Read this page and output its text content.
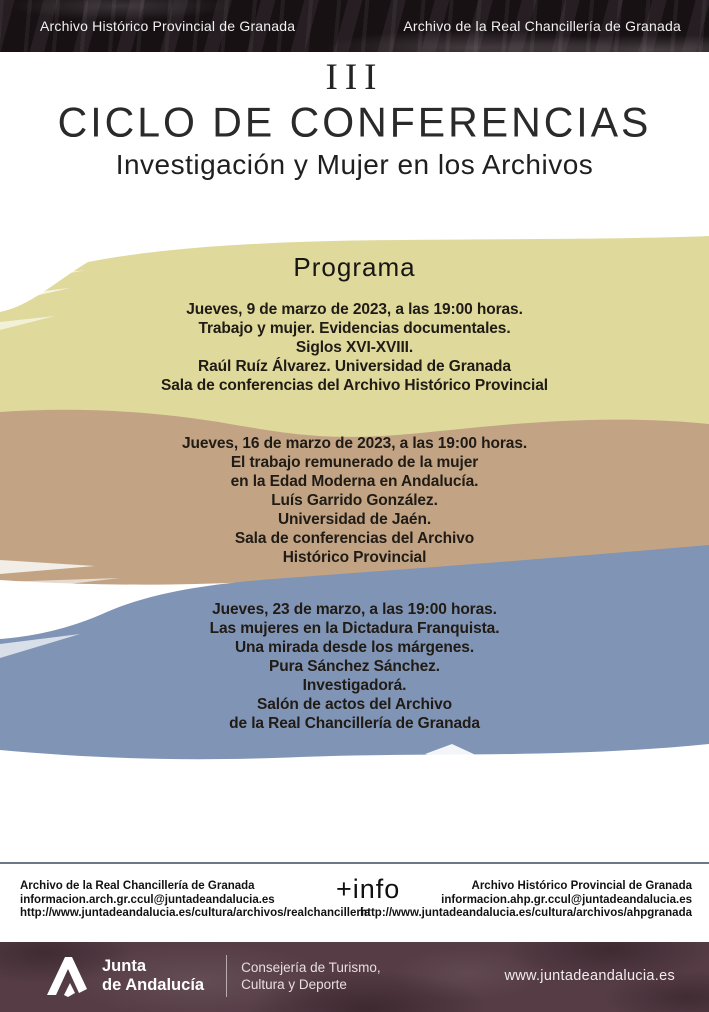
Archivo Histórico Provincial de Granada	Archivo de la Real Chancillería de Granada
III
CICLO DE CONFERENCIAS
Investigación y Mujer en los Archivos
Programa
Jueves, 9 de marzo de 2023, a las 19:00 horas.
Trabajo y mujer. Evidencias documentales.
Siglos XVI-XVIII.
Raúl Ruíz Álvarez. Universidad de Granada
Sala de conferencias del Archivo Histórico Provincial
Jueves, 16 de marzo de 2023, a las 19:00 horas.
El trabajo remunerado de la mujer
en la Edad Moderna en Andalucía.
Luís Garrido González.
Universidad de Jaén.
Sala de conferencias del Archivo
Histórico Provincial
Jueves, 23 de marzo, a las 19:00 horas.
Las mujeres en la Dictadura Franquista.
Una mirada desde los márgenes.
Pura Sánchez Sánchez.
Investigadorá.
Salón de actos del Archivo
de la Real Chancillería de Granada
Archivo de la Real Chancillería de Granada
informacion.arch.gr.ccul@juntadeandalucia.es
http://www.juntadeandalucia.es/cultura/archivos/realchancilleria
+info	Archivo Histórico Provincial de Granada
informacion.ahp.gr.ccul@juntadeandalucia.es
http://www.juntadeandalucia.es/cultura/archivos/ahpgranada
Junta
de Andalucía
Consejería de Turismo,
Cultura y Deporte
www.juntadeandalucia.es
